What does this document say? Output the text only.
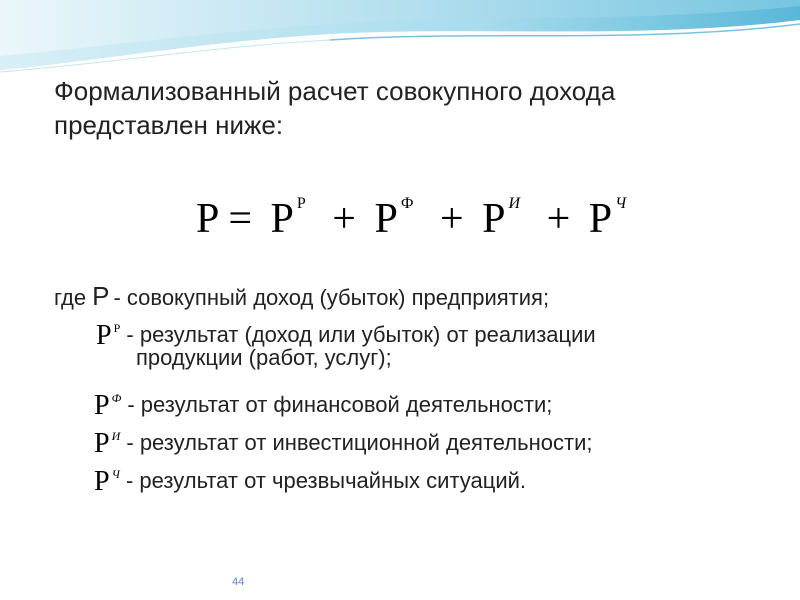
Формализованный расчет совокупного дохода
представлен ниже:
P = P $^Р$ + P $^Ф$ + P $^И$ + P $^Ч$
где P - совокупный доход (убыток) предприятия;
P $^Р$ - результат (доход или убыток) от реализации
продукции (работ, услуг);
P $^Ф$ - результат от финансовой деятельности;
P $^И$ - результат от инвестиционной деятельности;
P $^Ч$ - результат от чрезвычайных ситуаций.
44
